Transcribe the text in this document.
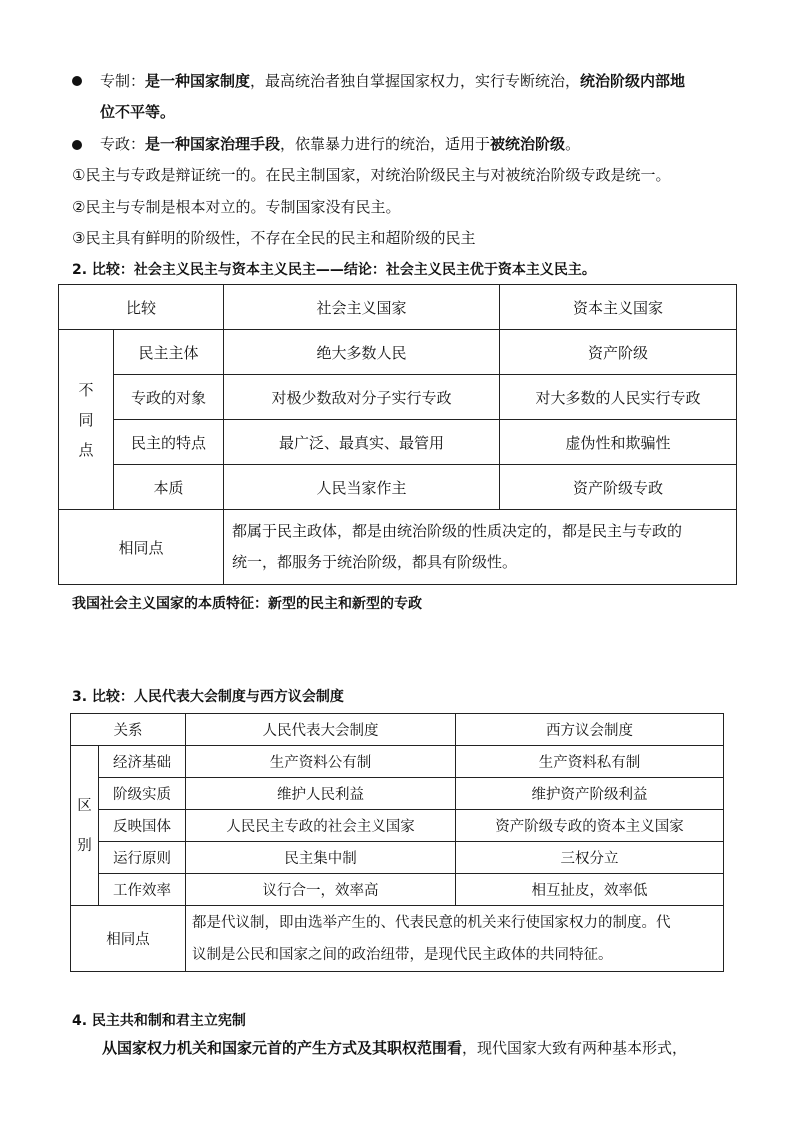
专制：是一种国家制度，最高统治者独自掌握国家权力，实行专断统治，统治阶级内部地
位不平等。
专政：是一种国家治理手段，依靠暴力进行的统治，适用于被统治阶级。
①民主与专政是辩证统一的。在民主制国家，对统治阶级民主与对被统治阶级专政是统一。
②民主与专制是根本对立的。专制国家没有民主。
③民主具有鲜明的阶级性，不存在全民的民主和超阶级的民主
2. 比较：社会主义民主与资本主义民主——结论：社会主义民主优于资本主义民主。
比较		社会主义国家	资本主义国家
不
同
点	民主主体	绝大多数人民	资产阶级
	专政的对象	对极少数敌对分子实行专政	对大多数的人民实行专政
	民主的特点	最广泛、最真实、最管用	虚伪性和欺骗性
	本质	人民当家作主	资产阶级专政
相同点		都属于民主政体，都是由统治阶级的性质决定的，都是民主与专政的
统一，都服务于统治阶级，都具有阶级性。	
我国社会主义国家的本质特征：新型的民主和新型的专政
3. 比较：人民代表大会制度与西方议会制度
关系		人民代表大会制度	西方议会制度
区
别	经济基础	生产资料公有制	生产资料私有制
	阶级实质	维护人民利益	维护资产阶级利益
	反映国体	人民民主专政的社会主义国家	资产阶级专政的资本主义国家
	运行原则	民主集中制	三权分立
	工作效率	议行合一，效率高	相互扯皮，效率低
相同点		都是代议制，即由选举产生的、代表民意的机关来行使国家权力的制度。代
议制是公民和国家之间的政治纽带，是现代民主政体的共同特征。	
4. 民主共和制和君主立宪制
从国家权力机关和国家元首的产生方式及其职权范围看，现代国家大致有两种基本形式，
